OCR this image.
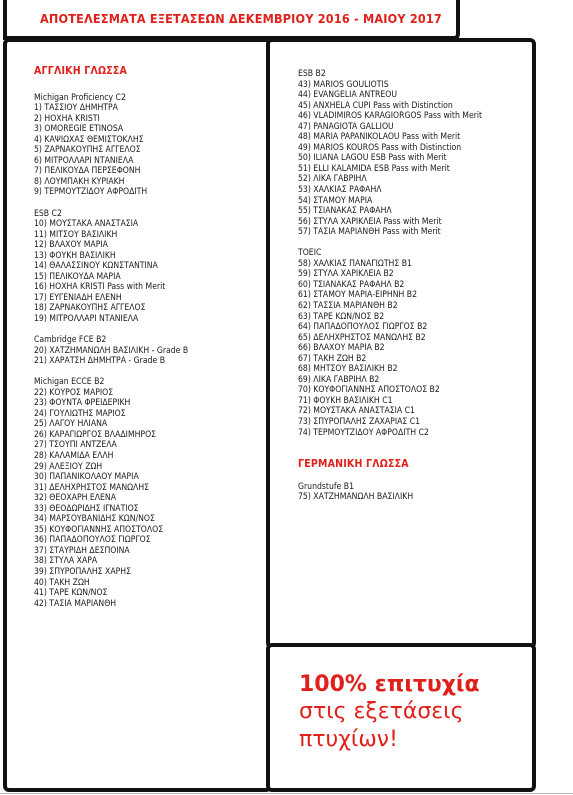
ΑΠΟΤΕΛΕΣΜΑΤΑ ΕΞΕΤΑΣΕΩΝ ΔΕΚΕΜΒΡΙΟΥ 2016 - ΜΑΙΟΥ 2017
ΑΓΓΛΙΚΗ ΓΛΩΣΣΑ
Michigan Proficiency C2
1) ΤΑΣΣΙΟΥ ΔΗΜΗΤΡΑ
2) ΗΟΧΗΑ KRISTI
3) OMOREGIE ETINOSA
4) ΚΑΨΙΩΧΑΣ ΘΕΜΙΣΤΟΚΛΗΣ
5) ΖΑΡΝΑΚΟΥΠΗΣ ΑΓΓΕΛΟΣ
6) ΜΙΤΡΟΛΛΑΡΙ ΝΤΑΝΙΕΛΑ
7) ΠΕΛΙΚΟΥΔΑ ΠΕΡΣΕΦΟΝΗ
8) ΛΟΥΜΠΑΚΗ ΚΥΡΙΑΚΗ
9) ΤΕΡΜΟΥΤΖΙΔΟΥ ΑΦΡΟΔΙΤΗ
ESB C2
10) ΜΟΥΣΤΑΚΑ ΑΝΑΣΤΑΣΙΑ
11) ΜΙΤΣΟΥ ΒΑΣΙΛΙΚΗ
12) ΒΛΑΧΟΥ ΜΑΡΙΑ
13) ΦΟΥΚΗ ΒΑΣΙΛΙΚΗ
14) ΘΑΛΑΣΣΙΝΟΥ ΚΩΝΣΤΑΝΤΙΝΑ
15) ΠΕΛΙΚΟΥΔΑ ΜΑΡΙΑ
16) ΗΟΧΗΑ KRISTI Pass with Merit
17) ΕΥΓΕΝΙΑΔΗ ΕΛΕΝΗ
18) ΖΑΡΝΑΚΟΥΠΗΣ ΑΓΓΕΛΟΣ
19) ΜΙΤΡΟΛΛΑΡΙ ΝΤΑΝΙΕΛΑ
Cambridge FCE B2
20) ΧΑΤΖΗΜΑΝΩΛΗ ΒΑΣΙΛΙΚΗ - Grade B
21) ΧΑΡΑΤΣΗ ΔΗΜΗΤΡΑ - Grade B
Michigan ECCE B2
22) ΚΟΥΡΟΣ ΜΑΡΙΟΣ
23) ΦΟΥΝΤΑ ΦΡΕΙΔΕΡΙΚΗ
24) ΓΟΥΛΙΩΤΗΣ ΜΑΡΙΟΣ
25) ΛΑΓΟΥ ΗΛΙΑΝΑ
26) ΚΑΡΑΓΙΩΡΓΟΣ ΒΛΑΔΙΜΗΡΟΣ
27) ΤΣΟΥΠΙ ΑΝΤΖΕΛΑ
28) ΚΑΛΑΜΙΔΑ ΕΛΛΗ
29) ΑΛΕΞΙΟΥ ΖΩΗ
30) ΠΑΠΑΝΙΚΟΛΑΟΥ ΜΑΡΙΑ
31) ΔΕΛΗΧΡΗΣΤΟΣ ΜΑΝΩΛΗΣ
32) ΘΕΟΧΑΡΗ ΕΛΕΝΑ
33) ΘΕΟΔΩΡΙΔΗΣ ΙΓΝΑΤΙΟΣ
34) ΜΑΡΣΟΥΒΑΝΙΔΗΣ ΚΩΝ/ΝΟΣ
35) ΚΟΥΦΟΓΙΑΝΝΗΣ ΑΠΟΣΤΟΛΟΣ
36) ΠΑΠΑΔΟΠΟΥΛΟΣ ΓΙΩΡΓΟΣ
37) ΣΤΑΥΡΙΔΗ ΔΕΣΠΟΙΝΑ
38) ΣΤΥΛΑ ΧΑΡΑ
39) ΣΠΥΡΟΠΑΛΗΣ ΧΑΡΗΣ
40) ΤΑΚΗ ΖΩΗ
41) ΤΑΡΕ ΚΩΝ/ΝΟΣ
42) ΤΑΣΙΑ ΜΑΡΙΑΝΘΗ
ESB B2
43) MARIOS GOULIOTIS
44) EVANGELIA ANTREOU
45) ANXHELA CUPI Pass with Distinction
46) VLADIMIROS KARAGIORGOS Pass with Merit
47) PANAGIOTA GALLIOU
48) MARIA PAPANIKOLAOU Pass with Merit
49) MARIOS KOUROS Pass with Distinction
50) ILIANA LAGOU ESB Pass with Merit
51) ELLI KALAMIDA ESB Pass with Merit
52) ΛΙΚΑ ΓΑΒΡΙΗΛ
53) ΧΑΛΚΙΑΣ ΡΑΦΑΗΛ
54) ΣΤΑΜΟΥ ΜΑΡΙΑ
55) ΤΣΙΑΝΑΚΑΣ ΡΑΦΑΗΛ
56) ΣΤΥΛΑ ΧΑΡΙΚΛΕΙΑ Pass with Merit
57) ΤΑΣΙΑ ΜΑΡΙΑΝΘΗ Pass with Merit
TOEIC
58) ΧΑΛΚΙΑΣ ΠΑΝΑΓΙΩΤΗΣ B1
59) ΣΤΥΛΑ ΧΑΡΙΚΛΕΙΑ B2
60) ΤΣΙΑΝΑΚΑΣ ΡΑΦΑΗΛ B2
61) ΣΤΑΜΟΥ ΜΑΡΙΑ-ΕΙΡΗΝΗ B2
62) ΤΑΣΣΙΑ ΜΑΡΙΑΝΘΗ B2
63) ΤΑΡΕ ΚΩΝ/ΝΟΣ B2
64) ΠΑΠΑΔΟΠΟΥΛΟΣ ΓΙΩΡΓΟΣ B2
65) ΔΕΛΗΧΡΗΣΤΟΣ ΜΑΝΩΛΗΣ B2
66) ΒΛΑΧΟΥ ΜΑΡΙΑ B2
67) ΤΑΚΗ ΖΩΗ B2
68) ΜΗΤΣΟΥ ΒΑΣΙΛΙΚΗ B2
69) ΛΙΚΑ ΓΑΒΡΙΗΛ B2
70) ΚΟΥΦΟΓΙΑΝΝΗΣ ΑΠΟΣΤΟΛΟΣ B2
71) ΦΟΥΚΗ ΒΑΣΙΛΙΚΗ C1
72) ΜΟΥΣΤΑΚΑ ΑΝΑΣΤΑΣΙΑ C1
73) ΣΠΥΡΟΠΑΛΗΣ ΖΑΧΑΡΙΑΣ C1
74) ΤΕΡΜΟΥΤΖΙΔΟΥ ΑΦΡΟΔΙΤΗ C2
ΓΕΡΜΑΝΙΚΗ ΓΛΩΣΣΑ
Grundstufe B1
75) ΧΑΤΖΗΜΑΝΩΛΗ ΒΑΣΙΛΙΚΗ
100% επιτυχία
στις εξετάσεις
πτυχίων!
